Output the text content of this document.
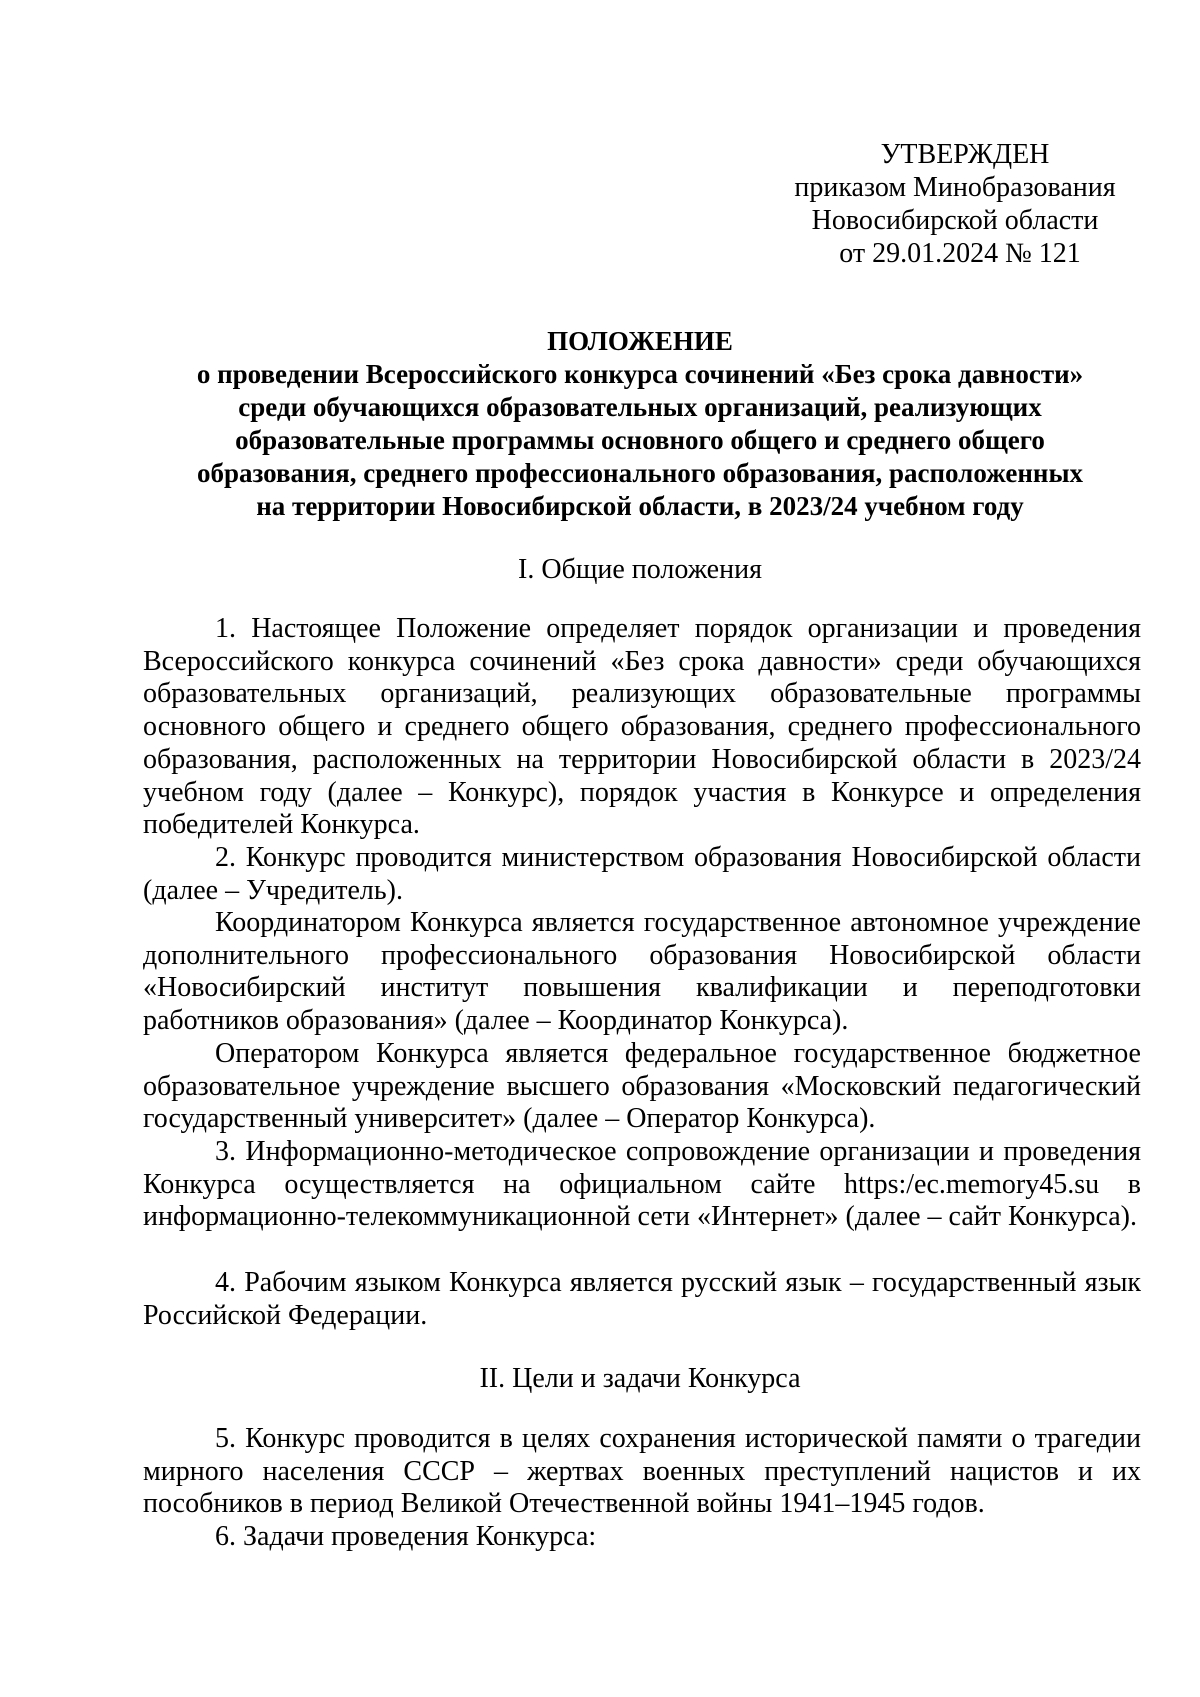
УТВЕРЖДЕН
приказом Минобразования
Новосибирской области
от 29.01.2024 № 121
ПОЛОЖЕНИЕ
о проведении Всероссийского конкурса сочинений «Без срока давности»
среди обучающихся образовательных организаций, реализующих
образовательные программы основного общего и среднего общего
образования, среднего профессионального образования, расположенных
на территории Новосибирской области, в 2023/24 учебном году
I. Общие положения
1. Настоящее Положение определяет порядок организации и проведения Всероссийского конкурса сочинений «Без срока давности» среди обучающихся образовательных организаций, реализующих образовательные программы основного общего и среднего общего образования, среднего профессионального образования, расположенных на территории Новосибирской области в 2023/24 учебном году (далее – Конкурс), порядок участия в Конкурсе и определения победителей Конкурса.
2. Конкурс проводится министерством образования Новосибирской области (далее – Учредитель).
Координатором Конкурса является государственное автономное учреждение дополнительного профессионального образования Новосибирской области «Новосибирский институт повышения квалификации и переподготовки работников образования» (далее – Координатор Конкурса).
Оператором Конкурса является федеральное государственное бюджетное образовательное учреждение высшего образования «Московский педагогический государственный университет» (далее – Оператор Конкурса).
3. Информационно-методическое сопровождение организации и проведения Конкурса осуществляется на официальном сайте https:/ec.memory45.su в информационно-телекоммуникационной сети «Интернет» (далее – сайт Конкурса).
4. Рабочим языком Конкурса является русский язык – государственный язык Российской Федерации.
II. Цели и задачи Конкурса
5. Конкурс проводится в целях сохранения исторической памяти о трагедии мирного населения СССР – жертвах военных преступлений нацистов и их пособников в период Великой Отечественной войны 1941–1945 годов.
6. Задачи проведения Конкурса:
